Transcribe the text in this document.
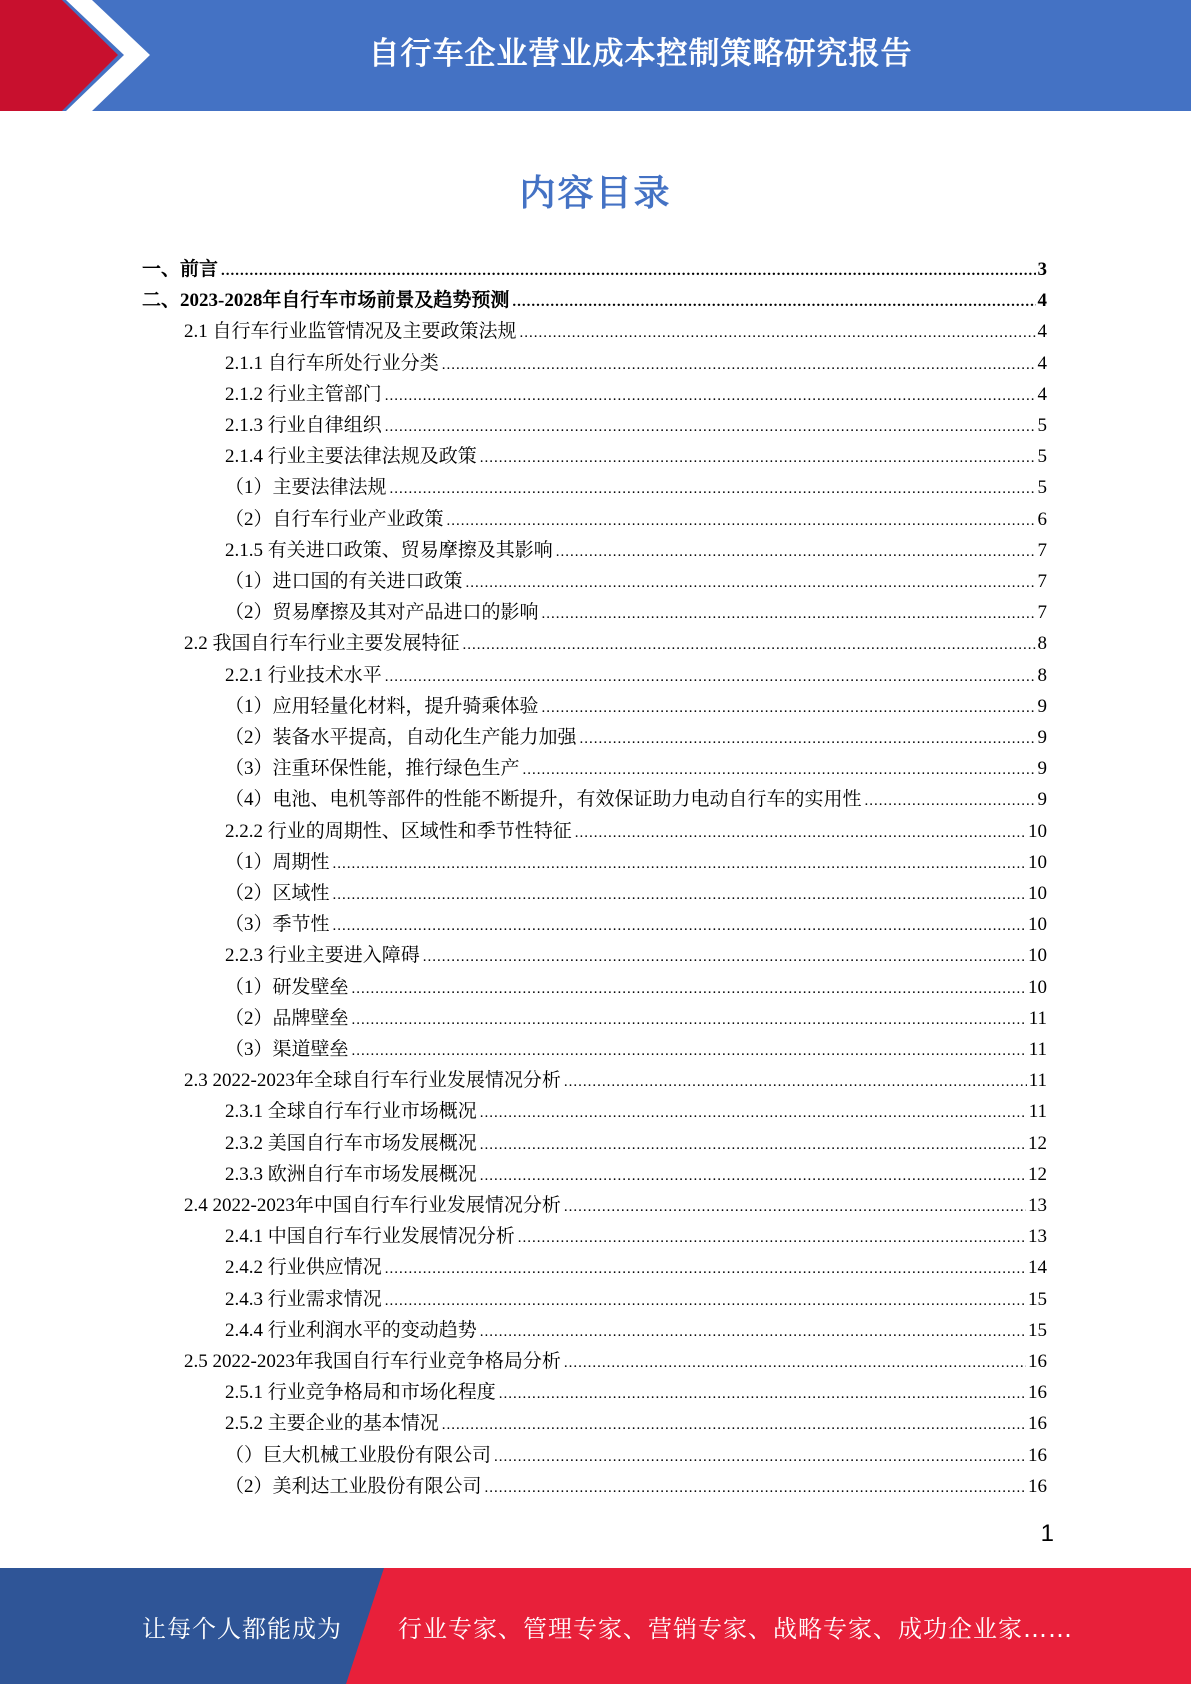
自行车企业营业成本控制策略研究报告
内容目录
一、前言 .....	3
二、2023-2028年自行车市场前景及趋势预测 .....	4
2.1 自行车行业监管情况及主要政策法规 .....	4
2.1.1 自行车所处行业分类 .....	4
2.1.2 行业主管部门 .....	4
2.1.3 行业自律组织 .....	5
2.1.4 行业主要法律法规及政策 .....	5
（1）主要法律法规 .....	5
（2）自行车行业产业政策 .....	6
2.1.5 有关进口政策、贸易摩擦及其影响 .....	7
（1）进口国的有关进口政策 .....	7
（2）贸易摩擦及其对产品进口的影响 .....	7
2.2 我国自行车行业主要发展特征 .....	8
2.2.1 行业技术水平 .....	8
（1）应用轻量化材料，提升骑乘体验 .....	9
（2）装备水平提高，自动化生产能力加强 .....	9
（3）注重环保性能，推行绿色生产 .....	9
（4）电池、电机等部件的性能不断提升，有效保证助力电动自行车的实用性 .....	9
2.2.2 行业的周期性、区域性和季节性特征 .....	10
（1）周期性 .....	10
（2）区域性 .....	10
（3）季节性 .....	10
2.2.3 行业主要进入障碍 .....	10
（1）研发壁垒 .....	10
（2）品牌壁垒 .....	11
（3）渠道壁垒 .....	11
2.3 2022-2023年全球自行车行业发展情况分析 .....	11
2.3.1 全球自行车行业市场概况 .....	11
2.3.2 美国自行车市场发展概况 .....	12
2.3.3 欧洲自行车市场发展概况 .....	12
2.4 2022-2023年中国自行车行业发展情况分析 .....	13
2.4.1 中国自行车行业发展情况分析 .....	13
2.4.2 行业供应情况 .....	14
2.4.3 行业需求情况 .....	15
2.4.4 行业利润水平的变动趋势 .....	15
2.5 2022-2023年我国自行车行业竞争格局分析 .....	16
2.5.1 行业竞争格局和市场化程度 .....	16
2.5.2 主要企业的基本情况 .....	16
（）巨大机械工业股份有限公司 .....	16
（2）美利达工业股份有限公司 .....	16
1
让每个人都能成为 行业专家、管理专家、营销专家、战略专家、成功企业家……
